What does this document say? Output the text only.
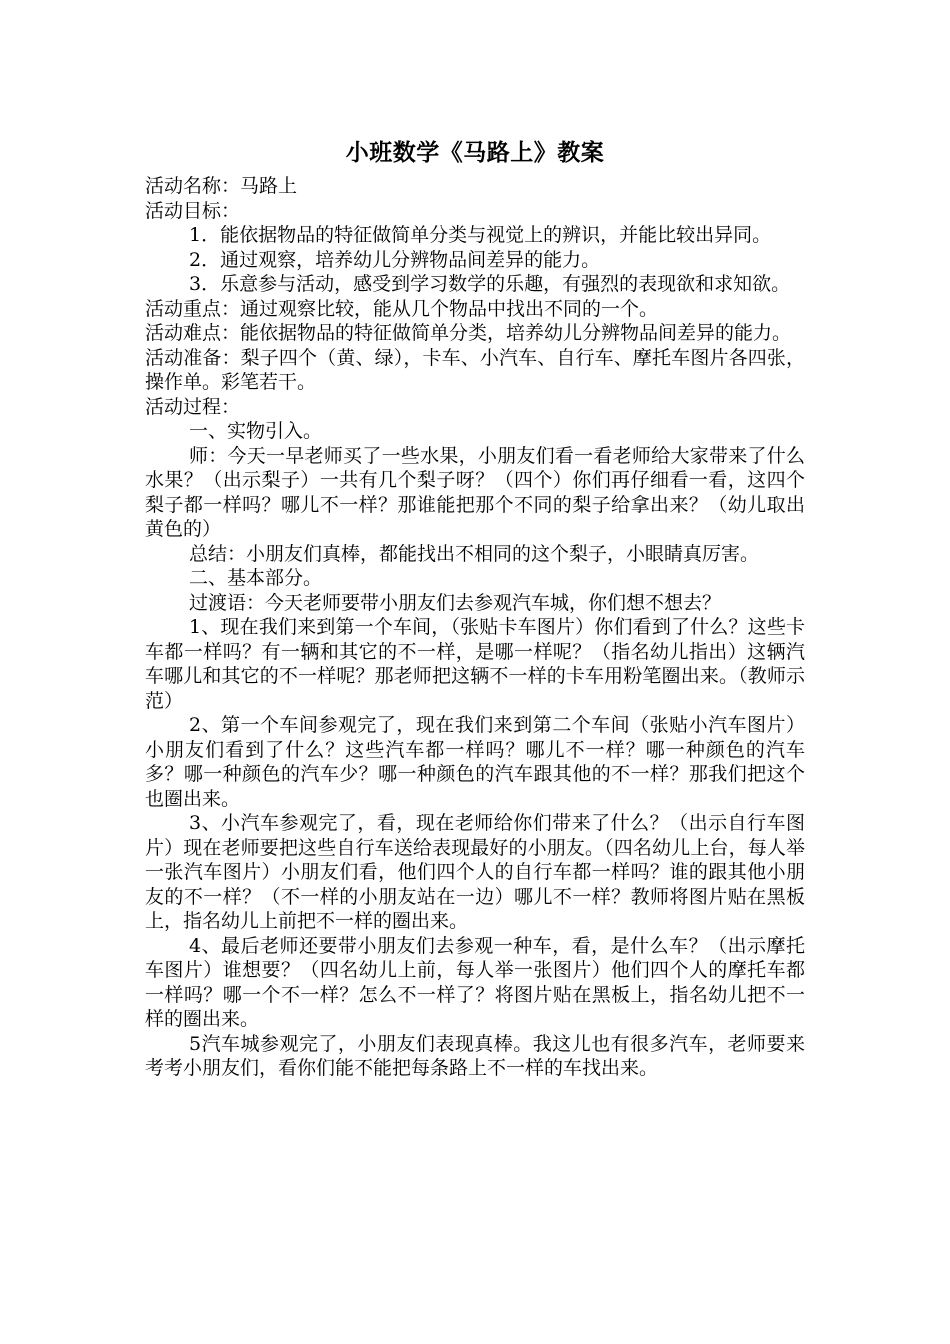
小班数学《马路上》教案

活动名称：马路上

活动目标：

1．能依据物品的特征做简单分类与视觉上的辨识，并能比较出异同。

2．通过观察，培养幼儿分辨物品间差异的能力。

3．乐意参与活动，感受到学习数学的乐趣，有强烈的表现欲和求知欲。

活动重点：通过观察比较，能从几个物品中找出不同的一个。

活动难点：能依据物品的特征做简单分类，培养幼儿分辨物品间差异的能力。

活动准备：梨子四个（黄、绿），卡车、小汽车、自行车、摩托车图片各四张，操作单。彩笔若干。

活动过程：

一、实物引入。

师：今天一早老师买了一些水果，小朋友们看一看老师给大家带来了什么水果？（出示梨子）一共有几个梨子呀？（四个）你们再仔细看一看，这四个梨子都一样吗？哪儿不一样？那谁能把那个不同的梨子给拿出来？（幼儿取出黄色的）

总结：小朋友们真棒，都能找出不相同的这个梨子，小眼睛真厉害。

二、基本部分。

过渡语：今天老师要带小朋友们去参观汽车城，你们想不想去？

1、现在我们来到第一个车间，（张贴卡车图片）你们看到了什么？这些卡车都一样吗？有一辆和其它的不一样，是哪一样呢？（指名幼儿指出）这辆汽车哪儿和其它的不一样呢？那老师把这辆不一样的卡车用粉笔圈出来。（教师示范）

2、第一个车间参观完了，现在我们来到第二个车间（张贴小汽车图片）小朋友们看到了什么？这些汽车都一样吗？哪儿不一样？哪一种颜色的汽车多？哪一种颜色的汽车少？哪一种颜色的汽车跟其他的不一样？那我们把这个也圈出来。

3、小汽车参观完了，看，现在老师给你们带来了什么？（出示自行车图片）现在老师要把这些自行车送给表现最好的小朋友。（四名幼儿上台，每人举一张汽车图片）小朋友们看，他们四个人的自行车都一样吗？谁的跟其他小朋友的不一样？（不一样的小朋友站在一边）哪儿不一样？教师将图片贴在黑板上，指名幼儿上前把不一样的圈出来。

4、最后老师还要带小朋友们去参观一种车，看，是什么车？（出示摩托车图片）谁想要？（四名幼儿上前，每人举一张图片）他们四个人的摩托车都一样吗？哪一个不一样？怎么不一样了？将图片贴在黑板上，指名幼儿把不一样的圈出来。

5汽车城参观完了，小朋友们表现真棒。我这儿也有很多汽车，老师要来考考小朋友们，看你们能不能把每条路上不一样的车找出来。
